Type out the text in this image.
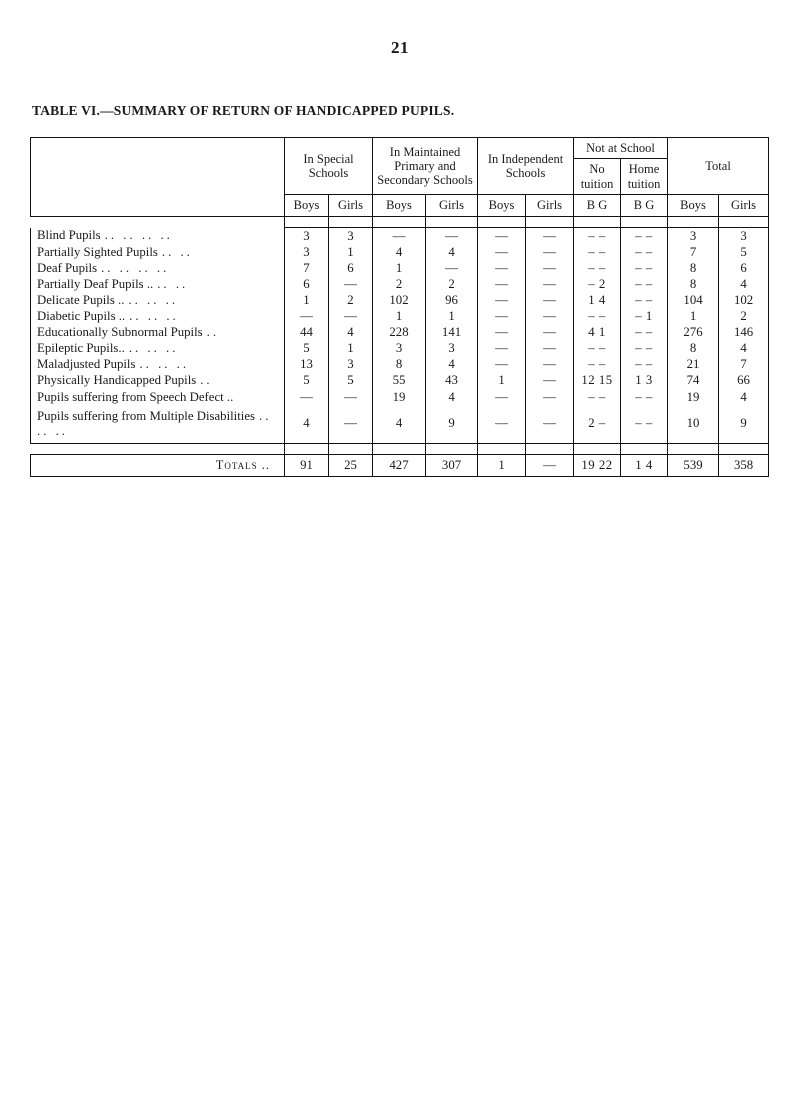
21
TABLE VI.—SUMMARY OF RETURN OF HANDICAPPED PUPILS.
	In Special Schools		In Maintained Primary and Secondary Schools		In Independent Schools		Not at School		Total	
							No tuition	Home tuition		
	Boys	Girls	Boys	Girls	Boys	Girls	B G	B G	Boys	Girls

Blind Pupils .. .. .. ..	3	3	—	—	—	—	– –	– –	3	3
Partially Sighted Pupils .. ..	3	1	4	4	—	—	– –	– –	7	5
Deaf Pupils .. .. .. ..	7	6	1	—	—	—	– –	– –	8	6
Partially Deaf Pupils .. .. ..	6	—	2	2	—	—	– 2	– –	8	4
Delicate Pupils .. .. .. ..	1	2	102	96	—	—	1 4	– –	104	102
Diabetic Pupils .. .. .. ..	—	—	1	1	—	—	– –	– 1	1	2
Educationally Subnormal Pupils ..	44	4	228	141	—	—	4 1	– –	276	146
Epileptic Pupils.. .. .. ..	5	1	3	3	—	—	– –	– –	8	4
Maladjusted Pupils .. .. ..	13	3	8	4	—	—	– –	– –	21	7
Physically Handicapped Pupils ..	5	5	55	43	1	—	12 15	1 3	74	66
Pupils suffering from Speech Defect ..	—	—	19	4	—	—	– –	– –	19	4
Pupils suffering from Multiple Disabilities .. .. ..	4	—	4	9	—	—	2 –	– –	10	9

Totals ..	91	25	427	307	1	—	19 22	1 4	539	358
